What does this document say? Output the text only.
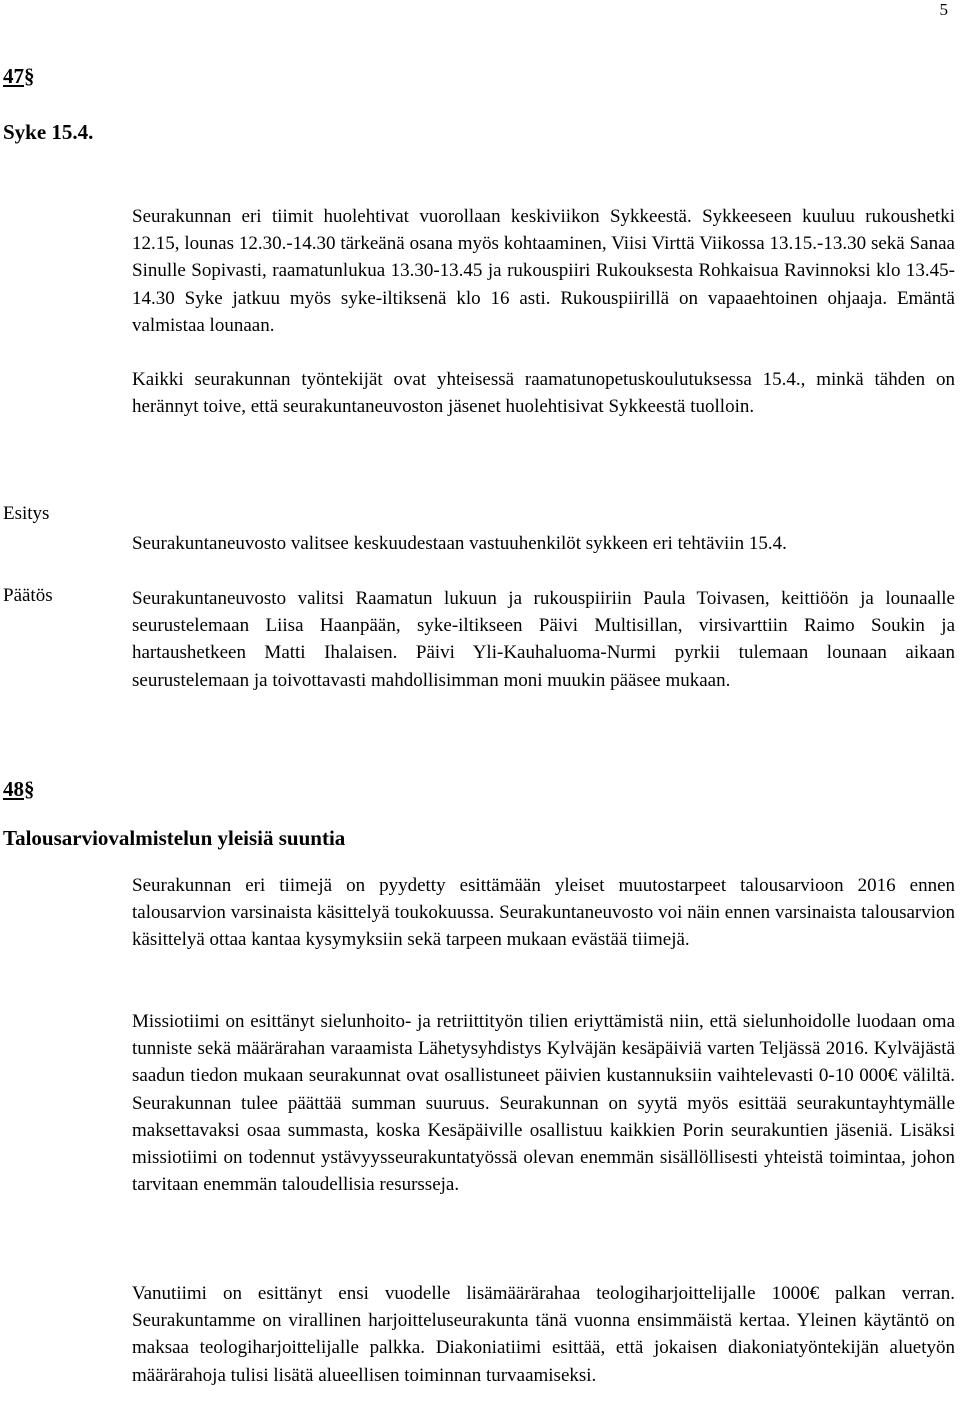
5
47§
Syke 15.4.

Seurakunnan eri tiimit huolehtivat vuorollaan keskiviikon Sykkeestä. Sykkeeseen kuuluu rukoushetki 12.15, lounas 12.30.-14.30 tärkeänä osana myös kohtaaminen, Viisi Virttä Viikossa 13.15.-13.30 sekä Sanaa Sinulle Sopivasti, raamatunlukua 13.30-13.45 ja rukouspiiri Rukouksesta Rohkaisua Ravinnoksi klo 13.45-14.30 Syke jatkuu myös syke-iltiksenä klo 16 asti. Rukouspiirillä on vapaaehtoinen ohjaaja. Emäntä valmistaa lounaan.

Kaikki seurakunnan työntekijät ovat yhteisessä raamatunopetuskoulutuksessa 15.4., minkä tähden on herännyt toive, että seurakuntaneuvoston jäsenet huolehtisivat Sykkeestä tuolloin.

Esitys

Seurakuntaneuvosto valitsee keskuudestaan vastuuhenkilöt sykkeen eri tehtäviin 15.4.

Päätös	Seurakuntaneuvosto valitsi Raamatun lukuun ja rukouspiiriin Paula Toivasen, keittiöön ja lounaalle seurustelemaan Liisa Haanpään, syke-iltikseen Päivi Multisillan, virsivarttiin Raimo Soukin ja hartaushetkeen Matti Ihalaisen. Päivi Yli-Kauhaluoma-Nurmi pyrkii tulemaan lounaan aikaan seurustelemaan ja toivottavasti mahdollisimman moni muukin pääsee mukaan.

48§
Talousarviovalmistelun yleisiä suuntia

Seurakunnan eri tiimejä on pyydetty esittämään yleiset muutostarpeet talousarvioon 2016 ennen talousarvion varsinaista käsittelyä toukokuussa. Seurakuntaneuvosto voi näin ennen varsinaista talousarvion käsittelyä ottaa kantaa kysymyksiin sekä tarpeen mukaan evästää tiimejä.

Missiotiimi on esittänyt sielunhoito- ja retriittityön tilien eriyttämistä niin, että sielunhoidolle luodaan oma tunniste sekä määrärahan varaamista Lähetysyhdistys Kylväjän kesäpäiviä varten Teljässä 2016. Kylväjästä saadun tiedon mukaan seurakunnat ovat osallistuneet päivien kustannuksiin vaihtelevasti 0-10 000€ väliltä. Seurakunnan tulee päättää summan suuruus. Seurakunnan on syytä myös esittää seurakuntayhtymälle maksettavaksi osaa summasta, koska Kesäpäiville osallistuu kaikkien Porin seurakuntien jäseniä. Lisäksi missiotiimi on todennut ystävyysseurakuntatyössä olevan enemmän sisällöllisesti yhteistä toimintaa, johon tarvitaan enemmän taloudellisia resursseja.

Vanutiimi on esittänyt ensi vuodelle lisämäärärahaa teologiharjoittelijalle 1000€ palkan verran. Seurakuntamme on virallinen harjoitteluseurakunta tänä vuonna ensimmäistä kertaa. Yleinen käytäntö on maksaa teologiharjoittelijalle palkka. Diakoniatiimi esittää, että jokaisen diakoniatyöntekijän aluetyön määrärahoja tulisi lisätä alueellisen toiminnan turvaamiseksi.
